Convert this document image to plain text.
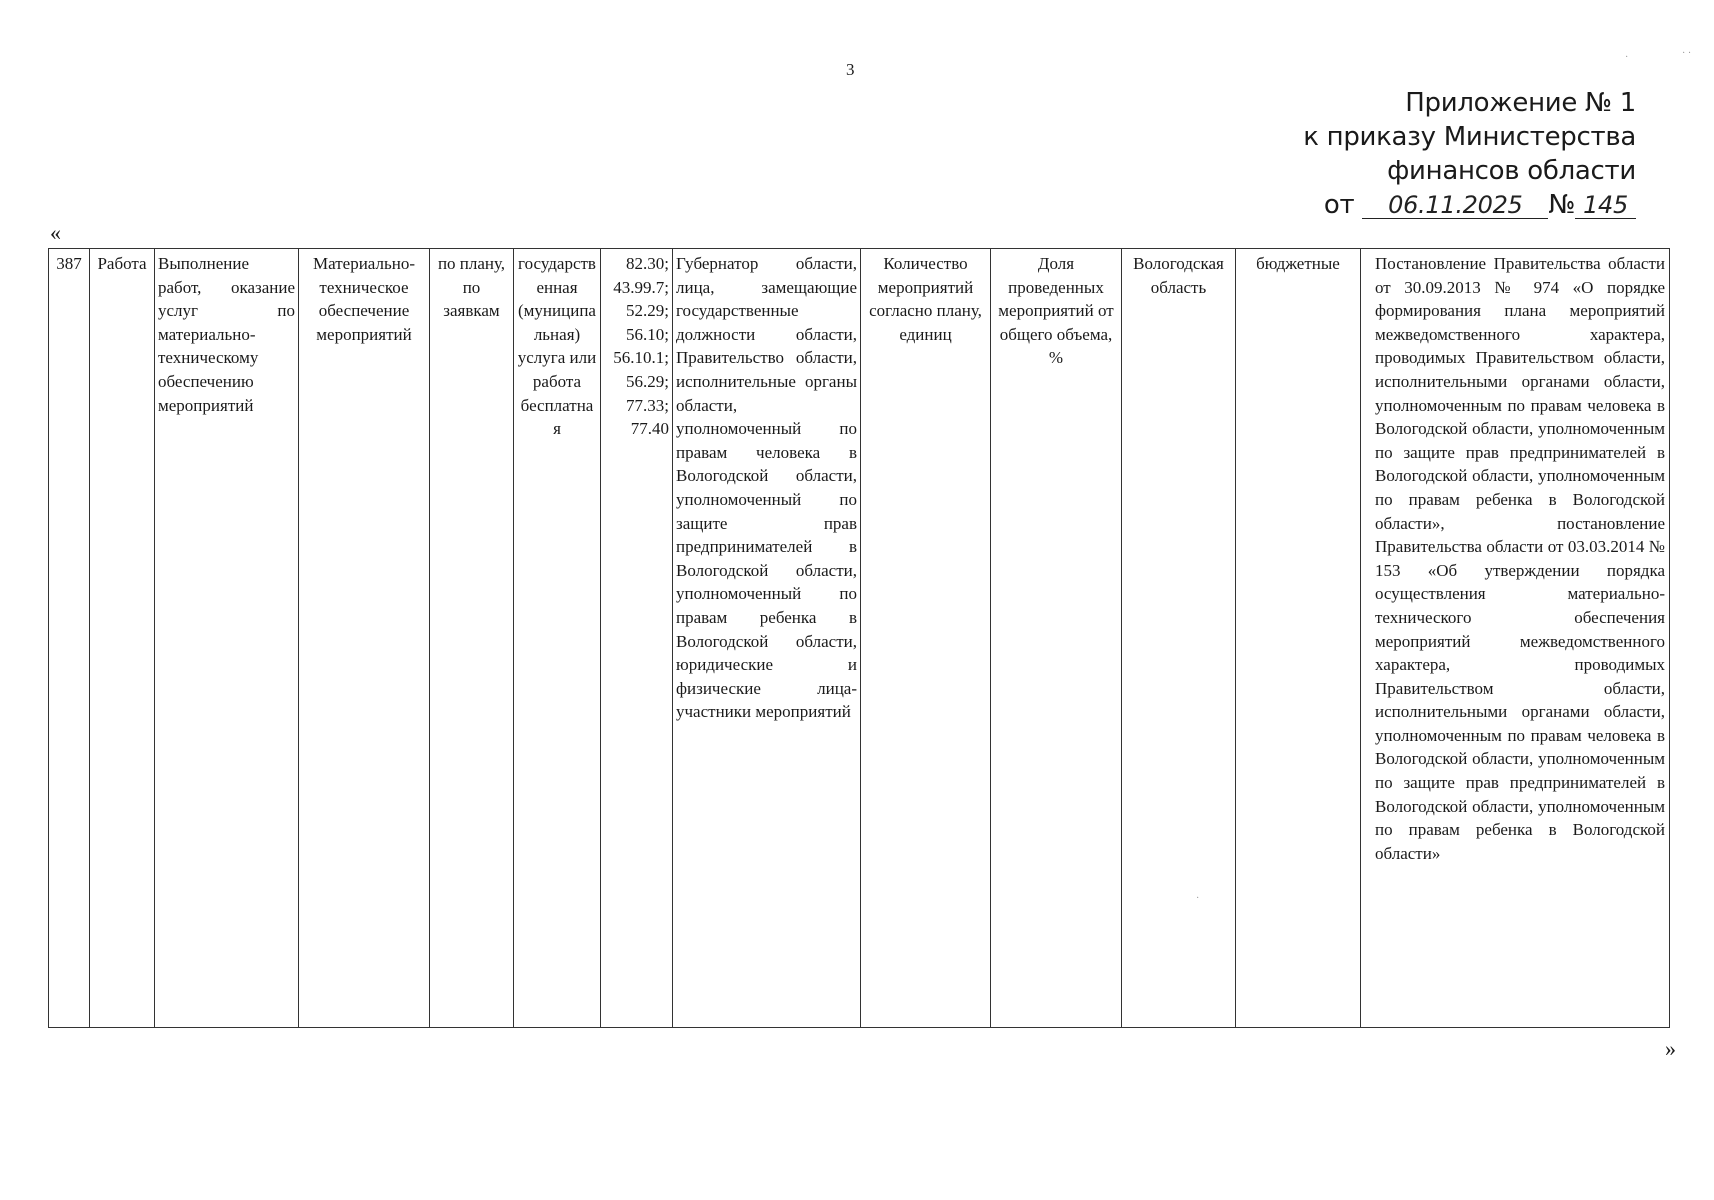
3
Приложение № 1
к приказу Министерства
финансов области
от 06.11.2025 № 145
«
387	Работа	Выполнение работ, оказание услуг по материально-техническому обеспечению мероприятий	Материально-техническое обеспечение мероприятий	по плану, по заявкам	государственная (муниципальная) услуга или работа бесплатная	82.30; 43.99.7; 52.29; 56.10; 56.10.1; 56.29; 77.33; 77.40	Губернатор области, лица, замещающие государственные должности области, Правительство области, исполнительные органы области, уполномоченный по правам человека в Вологодской области, уполномоченный по защите прав предпринимателей в Вологодской области, уполномоченный по правам ребенка в Вологодской области, юридические и физические лица-участники мероприятий	Количество мероприятий согласно плану, единиц	Доля проведенных мероприятий от общего объема, %	Вологодская область	бюджетные	Постановление Правительства области от 30.09.2013 № 974 «О порядке формирования плана мероприятий межведомственного характера, проводимых Правительством области, исполнительными органами области, уполномоченным по правам человека в Вологодской области, уполномоченным по защите прав предпринимателей в Вологодской области, уполномоченным по правам ребенка в Вологодской области», постановление Правительства области от 03.03.2014 № 153 «Об утверждении порядка осуществления материально-технического обеспечения мероприятий межведомственного характера, проводимых Правительством области, исполнительными органами области, уполномоченным по правам человека в Вологодской области, уполномоченным по защите прав предпринимателей в Вологодской области, уполномоченным по правам ребенка в Вологодской области»
»
·	· ·
·
